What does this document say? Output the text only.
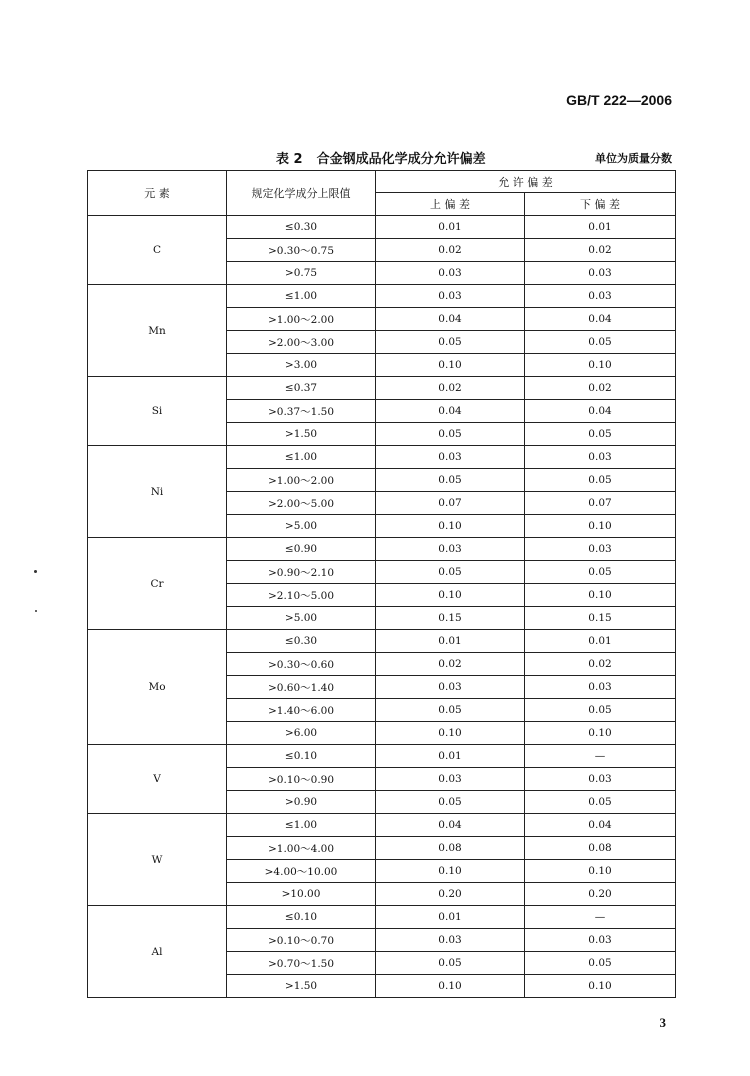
GB/T 222—2006
表 2 合金钢成品化学成分允许偏差	单位为质量分数
元 素	规定化学成分上限值	允 许 偏 差	
		上 偏 差	下 偏 差
C	≤0.30	0.01	0.01
	>0.30～0.75	0.02	0.02
	>0.75	0.03	0.03
Mn	≤1.00	0.03	0.03
	>1.00～2.00	0.04	0.04
	>2.00～3.00	0.05	0.05
	>3.00	0.10	0.10
Si	≤0.37	0.02	0.02
	>0.37～1.50	0.04	0.04
	>1.50	0.05	0.05
Ni	≤1.00	0.03	0.03
	>1.00～2.00	0.05	0.05
	>2.00～5.00	0.07	0.07
	>5.00	0.10	0.10
Cr	≤0.90	0.03	0.03
	>0.90～2.10	0.05	0.05
	>2.10～5.00	0.10	0.10
	>5.00	0.15	0.15
Mo	≤0.30	0.01	0.01
	>0.30～0.60	0.02	0.02
	>0.60～1.40	0.03	0.03
	>1.40～6.00	0.05	0.05
	>6.00	0.10	0.10
V	≤0.10	0.01	—
	>0.10～0.90	0.03	0.03
	>0.90	0.05	0.05
W	≤1.00	0.04	0.04
	>1.00～4.00	0.08	0.08
	>4.00～10.00	0.10	0.10
	>10.00	0.20	0.20
Al	≤0.10	0.01	—
	>0.10～0.70	0.03	0.03
	>0.70～1.50	0.05	0.05
	>1.50	0.10	0.10
3
